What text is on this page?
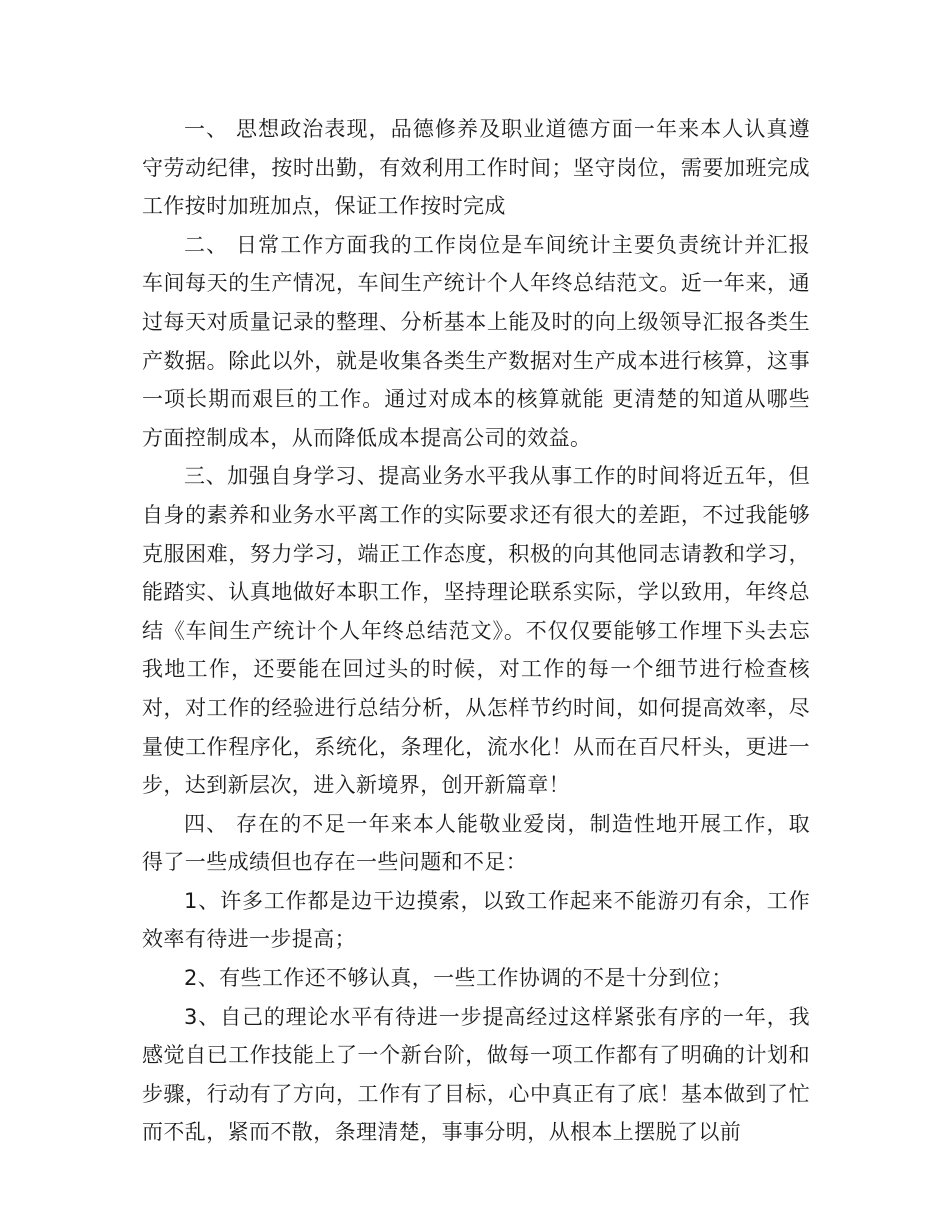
一、 思想政治表现，品德修养及职业道德方面一年来本人认真遵守劳动纪律，按时出勤，有效利用工作时间；坚守岗位，需要加班完成工作按时加班加点，保证工作按时完成

二、 日常工作方面我的工作岗位是车间统计主要负责统计并汇报车间每天的生产情况，车间生产统计个人年终总结范文。近一年来，通过每天对质量记录的整理、分析基本上能及时的向上级领导汇报各类生产数据。除此以外，就是收集各类生产数据对生产成本进行核算，这事一项长期而艰巨的工作。通过对成本的核算就能 更清楚的知道从哪些方面控制成本，从而降低成本提高公司的效益。

三、加强自身学习、提高业务水平我从事工作的时间将近五年，但自身的素养和业务水平离工作的实际要求还有很大的差距，不过我能够克服困难，努力学习，端正工作态度，积极的向其他同志请教和学习，能踏实、认真地做好本职工作，坚持理论联系实际，学以致用，年终总结《车间生产统计个人年终总结范文》。不仅仅要能够工作埋下头去忘我地工作，还要能在回过头的时候，对工作的每一个细节进行检查核对，对工作的经验进行总结分析，从怎样节约时间，如何提高效率，尽量使工作程序化，系统化，条理化，流水化！从而在百尺杆头，更进一步，达到新层次，进入新境界，创开新篇章！

四、 存在的不足一年来本人能敬业爱岗，制造性地开展工作，取得了一些成绩但也存在一些问题和不足：

1、许多工作都是边干边摸索，以致工作起来不能游刃有余，工作效率有待进一步提高；

2、有些工作还不够认真，一些工作协调的不是十分到位；

3、自己的理论水平有待进一步提高经过这样紧张有序的一年，我感觉自已工作技能上了一个新台阶，做每一项工作都有了明确的计划和步骤，行动有了方向，工作有了目标，心中真正有了底！基本做到了忙而不乱，紧而不散，条理清楚，事事分明，从根本上摆脱了以前
